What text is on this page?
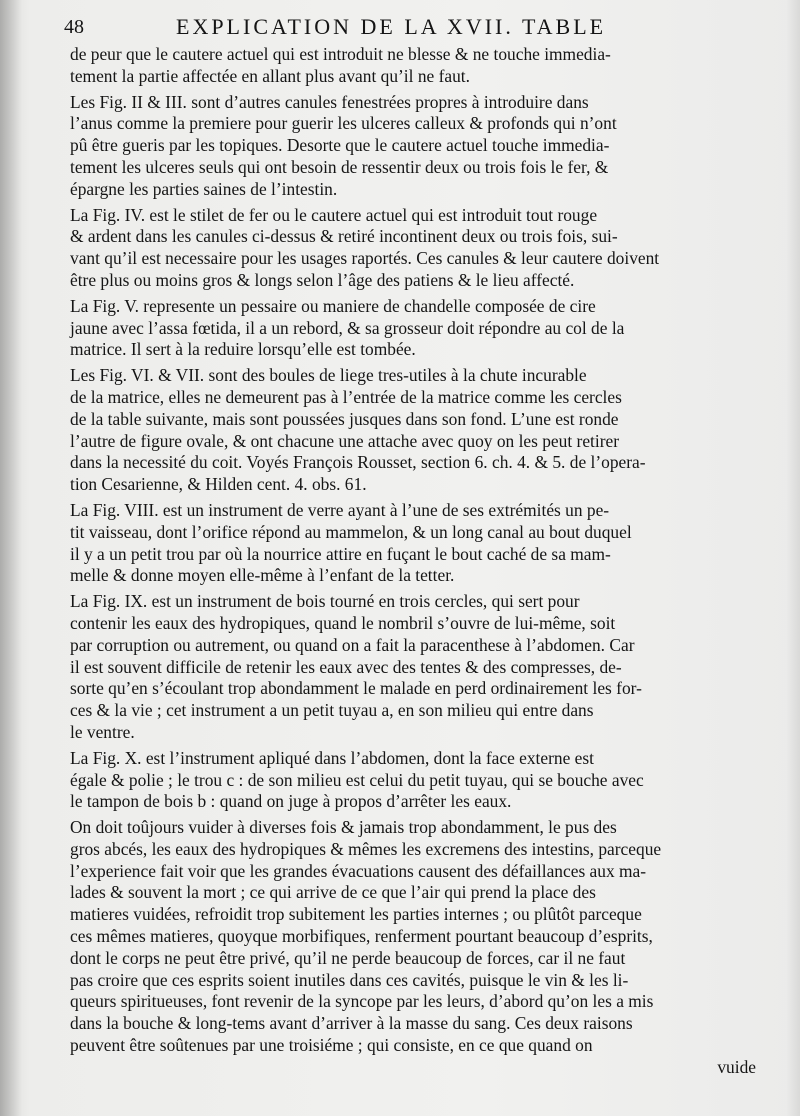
48	EXPLICATION DE LA XVII. TABLE
de peur que le cautere actuel qui est introduit ne blesse & ne touche immedia-
tement la partie affectée en allant plus avant qu’il ne faut.
Les Fig. II & III. sont d’autres canules fenestrées propres à introduire dans
l’anus comme la premiere pour guerir les ulceres calleux & profonds qui n’ont
pû être gueris par les topiques. Desorte que le cautere actuel touche immedia-
tement les ulceres seuls qui ont besoin de ressentir deux ou trois fois le fer, &
épargne les parties saines de l’intestin.
La Fig. IV. est le stilet de fer ou le cautere actuel qui est introduit tout rouge
& ardent dans les canules ci-dessus & retiré incontinent deux ou trois fois, sui-
vant qu’il est necessaire pour les usages raportés. Ces canules & leur cautere doivent
être plus ou moins gros & longs selon l’âge des patiens & le lieu affecté.
La Fig. V. represente un pessaire ou maniere de chandelle composée de cire
jaune avec l’assa fœtida, il a un rebord, & sa grosseur doit répondre au col de la
matrice. Il sert à la reduire lorsqu’elle est tombée.
Les Fig. VI. & VII. sont des boules de liege tres-utiles à la chute incurable
de la matrice, elles ne demeurent pas à l’entrée de la matrice comme les cercles
de la table suivante, mais sont poussées jusques dans son fond. L’une est ronde
l’autre de figure ovale, & ont chacune une attache avec quoy on les peut retirer
dans la necessité du coit. Voyés François Rousset, section 6. ch. 4. & 5. de l’opera-
tion Cesarienne, & Hilden cent. 4. obs. 61.
La Fig. VIII. est un instrument de verre ayant à l’une de ses extrémités un pe-
tit vaisseau, dont l’orifice répond au mammelon, & un long canal au bout duquel
il y a un petit trou par où la nourrice attire en fuçant le bout caché de sa mam-
melle & donne moyen elle-même à l’enfant de la tetter.
La Fig. IX. est un instrument de bois tourné en trois cercles, qui sert pour
contenir les eaux des hydropiques, quand le nombril s’ouvre de lui-même, soit
par corruption ou autrement, ou quand on a fait la paracenthese à l’abdomen. Car
il est souvent difficile de retenir les eaux avec des tentes & des compresses, de-
sorte qu’en s’écoulant trop abondamment le malade en perd ordinairement les for-
ces & la vie ; cet instrument a un petit tuyau a, en son milieu qui entre dans
le ventre.
La Fig. X. est l’instrument apliqué dans l’abdomen, dont la face externe est
égale & polie ; le trou c : de son milieu est celui du petit tuyau, qui se bouche avec
le tampon de bois b : quand on juge à propos d’arrêter les eaux.
On doit toûjours vuider à diverses fois & jamais trop abondamment, le pus des
gros abcés, les eaux des hydropiques & mêmes les excremens des intestins, parceque
l’experience fait voir que les grandes évacuations causent des défaillances aux ma-
lades & souvent la mort ; ce qui arrive de ce que l’air qui prend la place des
matieres vuidées, refroidit trop subitement les parties internes ; ou plûtôt parceque
ces mêmes matieres, quoyque morbifiques, renferment pourtant beaucoup d’esprits,
dont le corps ne peut être privé, qu’il ne perde beaucoup de forces, car il ne faut
pas croire que ces esprits soient inutiles dans ces cavités, puisque le vin & les li-
queurs spiritueuses, font revenir de la syncope par les leurs, d’abord qu’on les a mis
dans la bouche & long-tems avant d’arriver à la masse du sang. Ces deux raisons
peuvent être soûtenues par une troisiéme ; qui consiste, en ce que quand on
vuide
